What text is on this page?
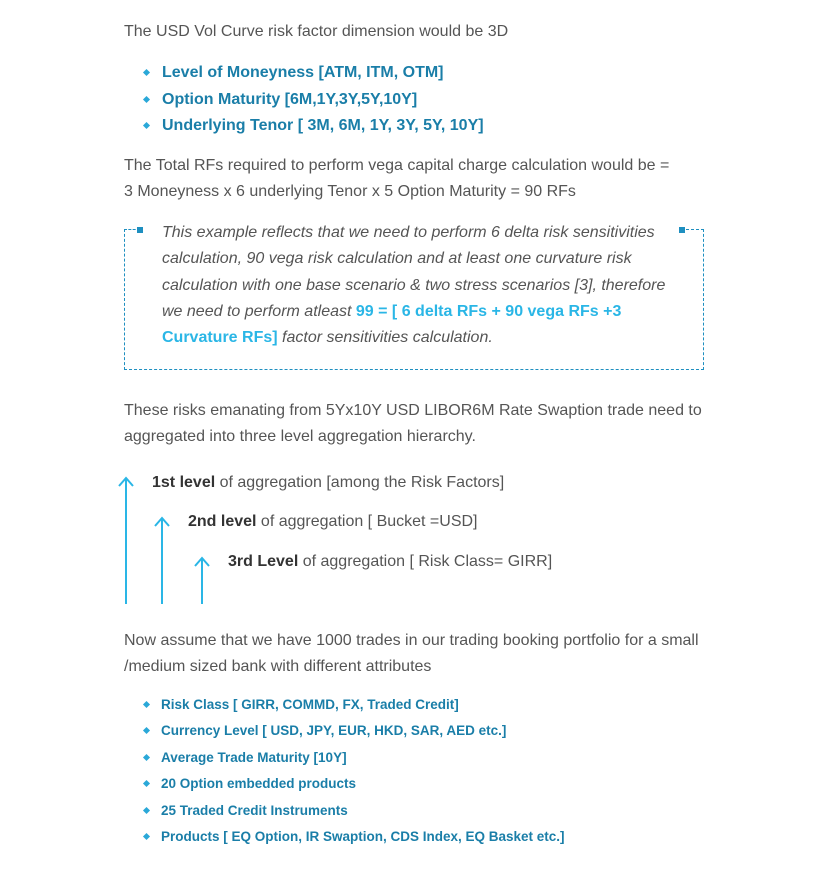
The USD Vol Curve risk factor dimension would be 3D
Level of Moneyness [ATM, ITM, OTM]
Option Maturity [6M,1Y,3Y,5Y,10Y]
Underlying Tenor [ 3M, 6M, 1Y, 3Y, 5Y, 10Y]
The Total RFs required to perform vega capital charge calculation would be =
3 Moneyness x 6 underlying Tenor x 5 Option Maturity = 90 RFs
This example reflects that we need to perform 6 delta risk sensitivities calculation, 90 vega risk calculation and at least one curvature risk calculation with one base scenario & two stress scenarios [3], therefore we need to perform atleast 99 = [ 6 delta RFs + 90 vega RFs +3 Curvature RFs] factor sensitivities calculation.
These risks emanating from 5Yx10Y USD LIBOR6M Rate Swaption trade need to aggregated into three level aggregation hierarchy.
1st level of aggregation [among the Risk Factors]
2nd level of aggregation [ Bucket =USD]
3rd Level of aggregation [ Risk Class= GIRR]
Now assume that we have 1000 trades in our trading booking portfolio for a small /medium sized bank with different attributes
Risk Class [ GIRR, COMMD, FX, Traded Credit]
Currency Level [ USD, JPY, EUR, HKD, SAR, AED etc.]
Average Trade Maturity [10Y]
20 Option embedded products
25 Traded Credit Instruments
Products [ EQ Option, IR Swaption, CDS Index, EQ Basket etc.]
